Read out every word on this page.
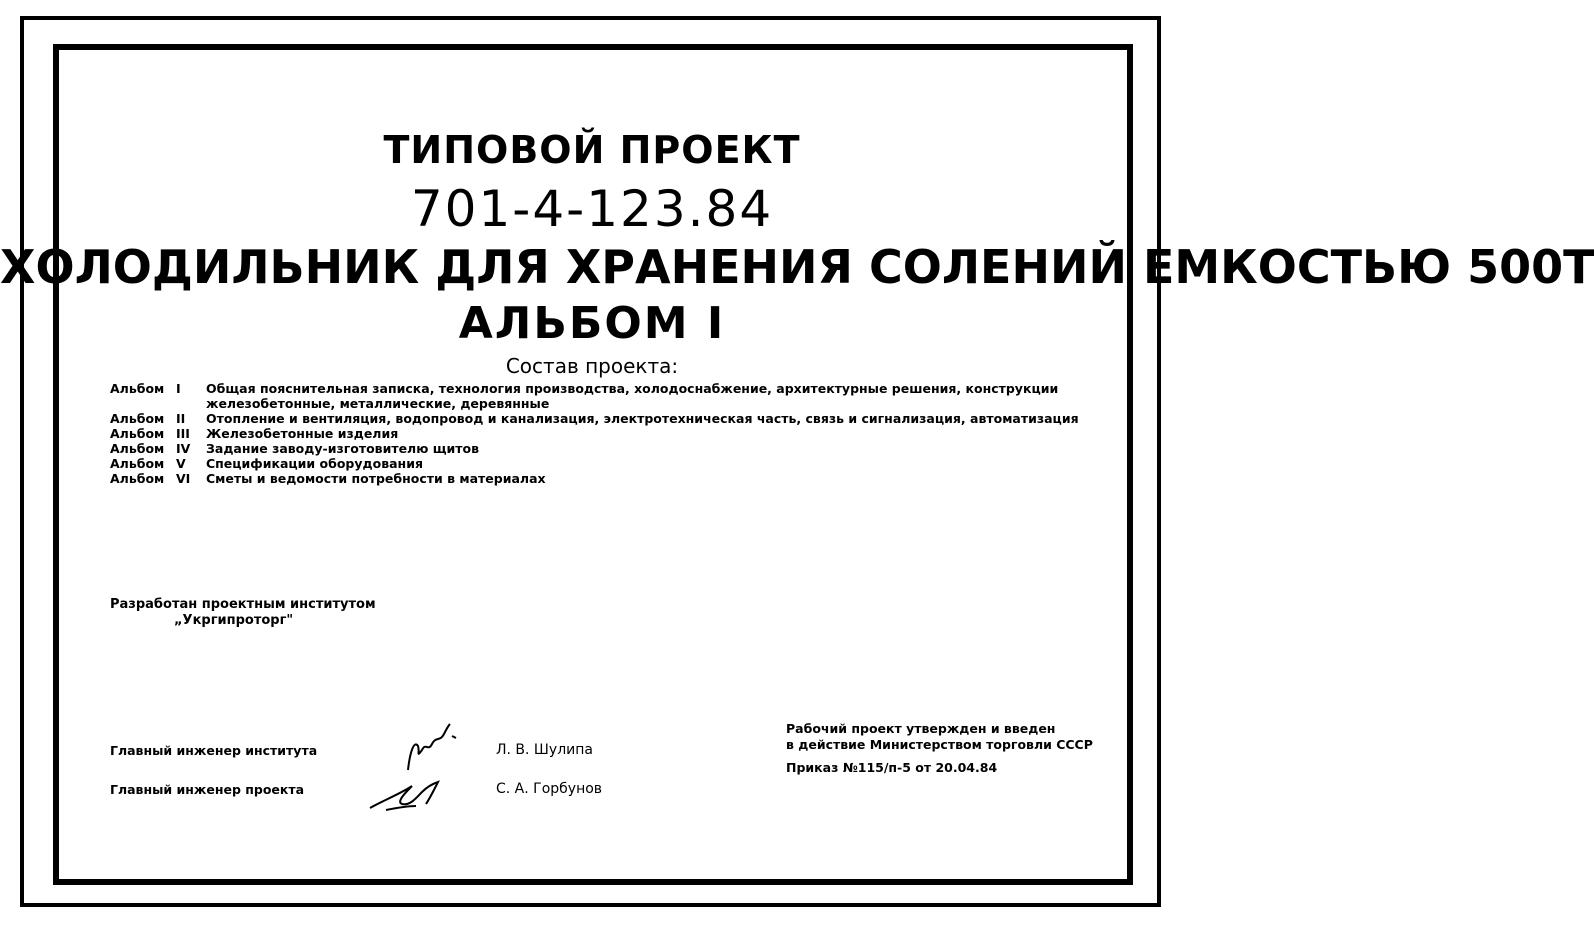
ТИПОВОЙ ПРОЕКТ
701-4-123.84
ХОЛОДИЛЬНИК ДЛЯ ХРАНЕНИЯ СОЛЕНИЙ ЕМКОСТЬЮ 500Т
АЛЬБОМ I
Состав проекта:
Альбом I	Общая пояснительная записка, технология производства, холодоснабжение, архитектурные решения, конструкции железобетонные, металлические, деревянные
Альбом II	Отопление и вентиляция, водопровод и канализация, электротехническая часть, связь и сигнализация, автоматизация
Альбом III	Железобетонные изделия
Альбом IV	Задание заводу-изготовителю щитов
Альбом V	Спецификации оборудования
Альбом VI	Сметы и ведомости потребности в материалах
Разработан проектным институтом
„Укргипроторг"
Главный инженер института	Л. В. Шулипа
Главный инженер проекта	С. А. Горбунов
Рабочий проект утвержден и введен
в действие Министерством торговли СССР
Приказ №115/п-5 от 20.04.84
